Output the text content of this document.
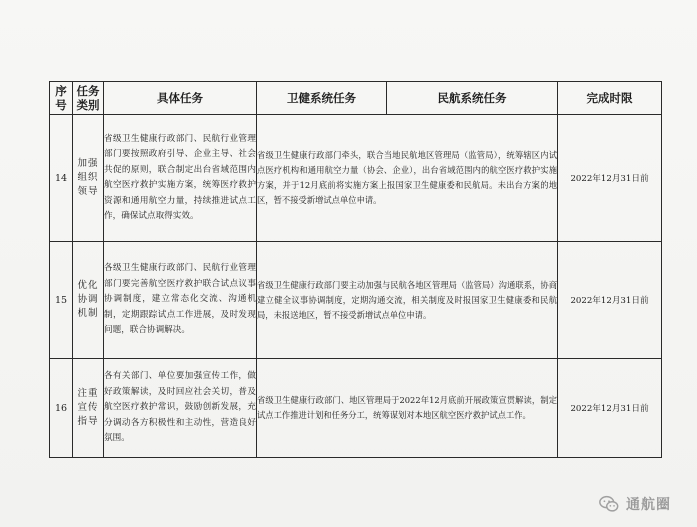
序号	任务类别	具体任务	卫健系统任务	民航系统任务	完成时限
14	加强组织领导	省级卫生健康行政部门、民航行业管理部门要按照政府引导、企业主导、社会共促的原则，联合制定出台省域范围内航空医疗救护实施方案，统筹医疗救护资源和通用航空力量，持续推进试点工作，确保试点取得实效。	省级卫生健康行政部门牵头，联合当地民航地区管理局（监管局），统筹辖区内试点医疗机构和通用航空力量（协会、企业），出台省域范围内的航空医疗救护实施方案，并于12月底前将实施方案上报国家卫生健康委和民航局。未出台方案的地区，暂不接受新增试点单位申请。		2022年12月31日前
15	优化协调机制	各级卫生健康行政部门、民航行业管理部门要完善航空医疗救护联合试点议事协调制度，建立常态化交流、沟通机制，定期跟踪试点工作进展，及时发现问题，联合协调解决。	省级卫生健康行政部门要主动加强与民航各地区管理局（监管局）沟通联系，协商建立健全议事协调制度，定期沟通交流，相关制度及时报国家卫生健康委和民航局，未报送地区，暂不接受新增试点单位申请。		2022年12月31日前
16	注重宣传指导	各有关部门、单位要加强宣传工作，做好政策解读，及时回应社会关切，普及航空医疗救护常识，鼓励创新发展，充分调动各方积极性和主动性，营造良好氛围。	省级卫生健康行政部门、地区管理局于2022年12月底前开展政策宣贯解读，制定试点工作推进计划和任务分工，统筹谋划对本地区航空医疗救护试点工作。		2022年12月31日前
通航圈
